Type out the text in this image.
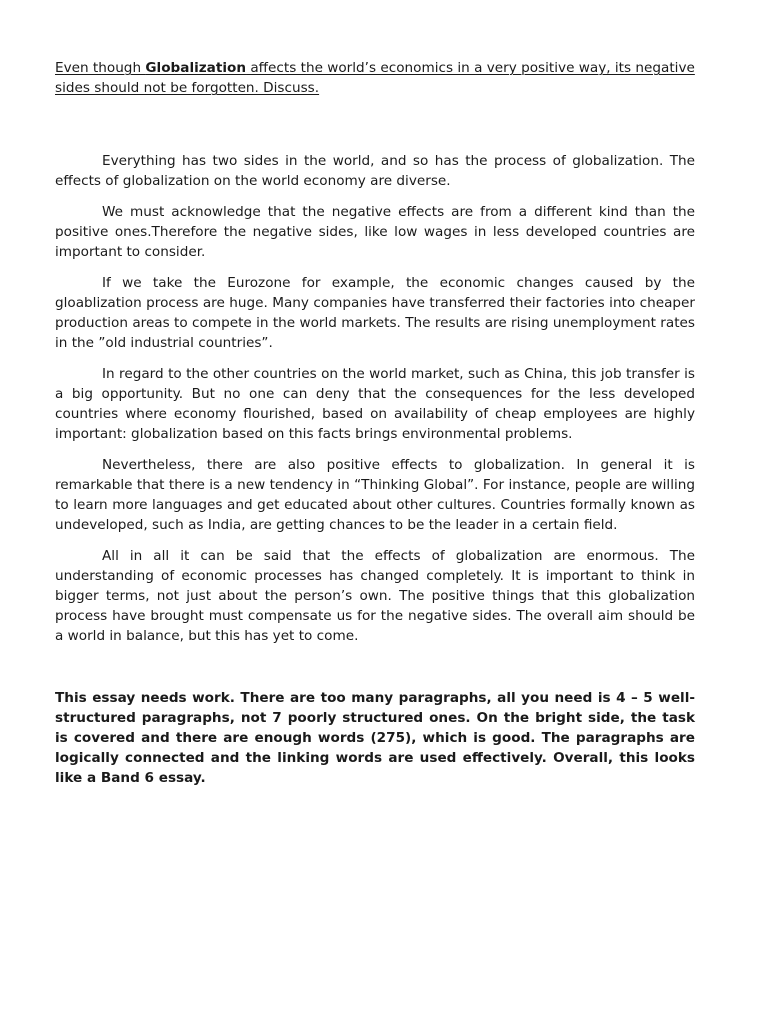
Even though Globalization affects the world’s economics in a very positive way, its negative sides should not be forgotten. Discuss.

Everything has two sides in the world, and so has the process of globalization. The effects of globalization on the world economy are diverse.

We must acknowledge that the negative effects are from a different kind than the positive ones.Therefore the negative sides, like low wages in less developed countries are important to consider.

If we take the Eurozone for example, the economic changes caused by the gloablization process are huge. Many companies have transferred their factories into cheaper production areas to compete in the world markets. The results are rising unemployment rates in the ”old industrial countries”.

In regard to the other countries on the world market, such as China, this job transfer is a big opportunity. But no one can deny that the consequences for the less developed countries where economy flourished, based on availability of cheap employees are highly important: globalization based on this facts brings environmental problems.

Nevertheless, there are also positive effects to globalization. In general it is remarkable that there is a new tendency in “Thinking Global”. For instance, people are willing to learn more languages and get educated about other cultures. Countries formally known as undeveloped, such as India, are getting chances to be the leader in a certain field.

All in all it can be said that the effects of globalization are enormous. The understanding of economic processes has changed completely. It is important to think in bigger terms, not just about the person’s own. The positive things that this globalization process have brought must compensate us for the negative sides. The overall aim should be a world in balance, but this has yet to come.

This essay needs work. There are too many paragraphs, all you need is 4 – 5 well-structured paragraphs, not 7 poorly structured ones. On the bright side, the task is covered and there are enough words (275), which is good. The paragraphs are logically connected and the linking words are used effectively. Overall, this looks like a Band 6 essay.
